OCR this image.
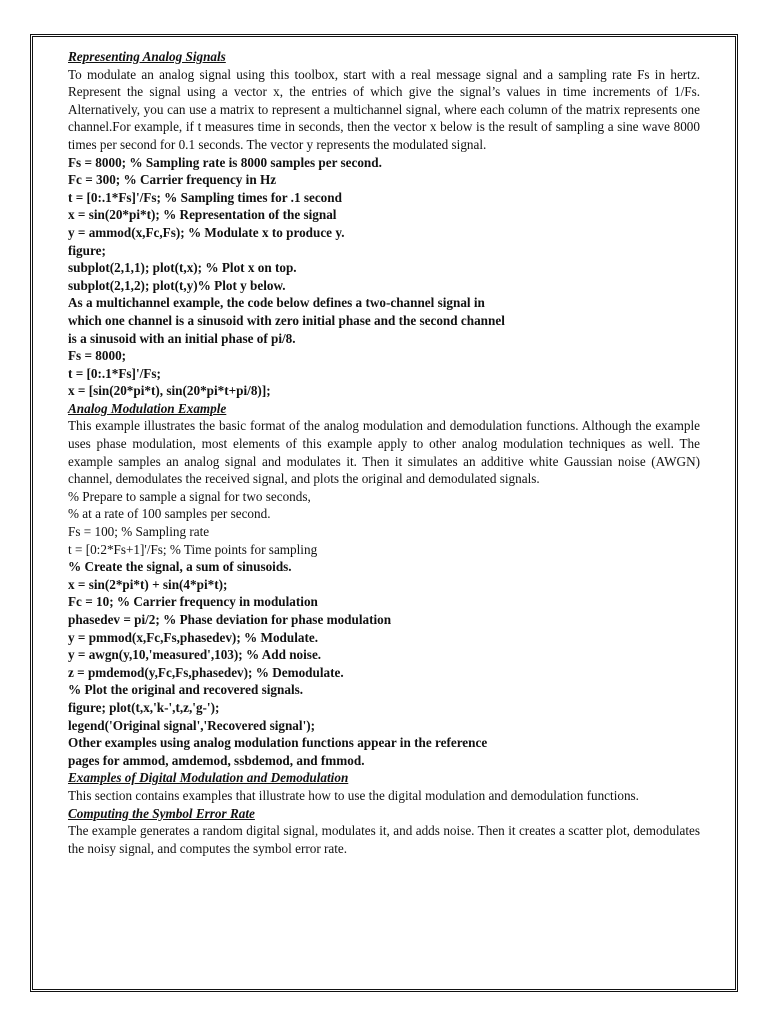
Representing Analog Signals

To modulate an analog signal using this toolbox, start with a real message signal and a sampling rate Fs in hertz. Represent the signal using a vector x, the entries of which give the signal’s values in time increments of 1/Fs. Alternatively, you can use a matrix to represent a multichannel signal, where each column of the matrix represents one channel.For example, if t measures time in seconds, then the vector x below is the result of sampling a sine wave 8000 times per second for 0.1 seconds. The vector y represents the modulated signal.

Fs = 8000; % Sampling rate is 8000 samples per second.

Fc = 300; % Carrier frequency in Hz

t = [0:.1*Fs]'/Fs; % Sampling times for .1 second

x = sin(20*pi*t); % Representation of the signal

y = ammod(x,Fc,Fs); % Modulate x to produce y.

figure;

subplot(2,1,1); plot(t,x); % Plot x on top.

subplot(2,1,2); plot(t,y)% Plot y below.

As a multichannel example, the code below defines a two-channel signal in

which one channel is a sinusoid with zero initial phase and the second channel

is a sinusoid with an initial phase of pi/8.

Fs = 8000;

t = [0:.1*Fs]'/Fs;

x = [sin(20*pi*t), sin(20*pi*t+pi/8)];

Analog Modulation Example

This example illustrates the basic format of the analog modulation and demodulation functions. Although the example uses phase modulation, most elements of this example apply to other analog modulation techniques as well. The example samples an analog signal and modulates it. Then it simulates an additive white Gaussian noise (AWGN) channel, demodulates the received signal, and plots the original and demodulated signals.

% Prepare to sample a signal for two seconds,

% at a rate of 100 samples per second.

Fs = 100; % Sampling rate

t = [0:2*Fs+1]'/Fs; % Time points for sampling

% Create the signal, a sum of sinusoids.

x = sin(2*pi*t) + sin(4*pi*t);

Fc = 10; % Carrier frequency in modulation

phasedev = pi/2; % Phase deviation for phase modulation

y = pmmod(x,Fc,Fs,phasedev); % Modulate.

y = awgn(y,10,'measured',103); % Add noise.

z = pmdemod(y,Fc,Fs,phasedev); % Demodulate.

% Plot the original and recovered signals.

figure; plot(t,x,'k-',t,z,'g-');

legend('Original signal','Recovered signal');

Other examples using analog modulation functions appear in the reference

pages for ammod, amdemod, ssbdemod, and fmmod.

Examples of Digital Modulation and Demodulation

This section contains examples that illustrate how to use the digital modulation and demodulation functions.

Computing the Symbol Error Rate

The example generates a random digital signal, modulates it, and adds noise. Then it creates a scatter plot, demodulates the noisy signal, and computes the symbol error rate.
